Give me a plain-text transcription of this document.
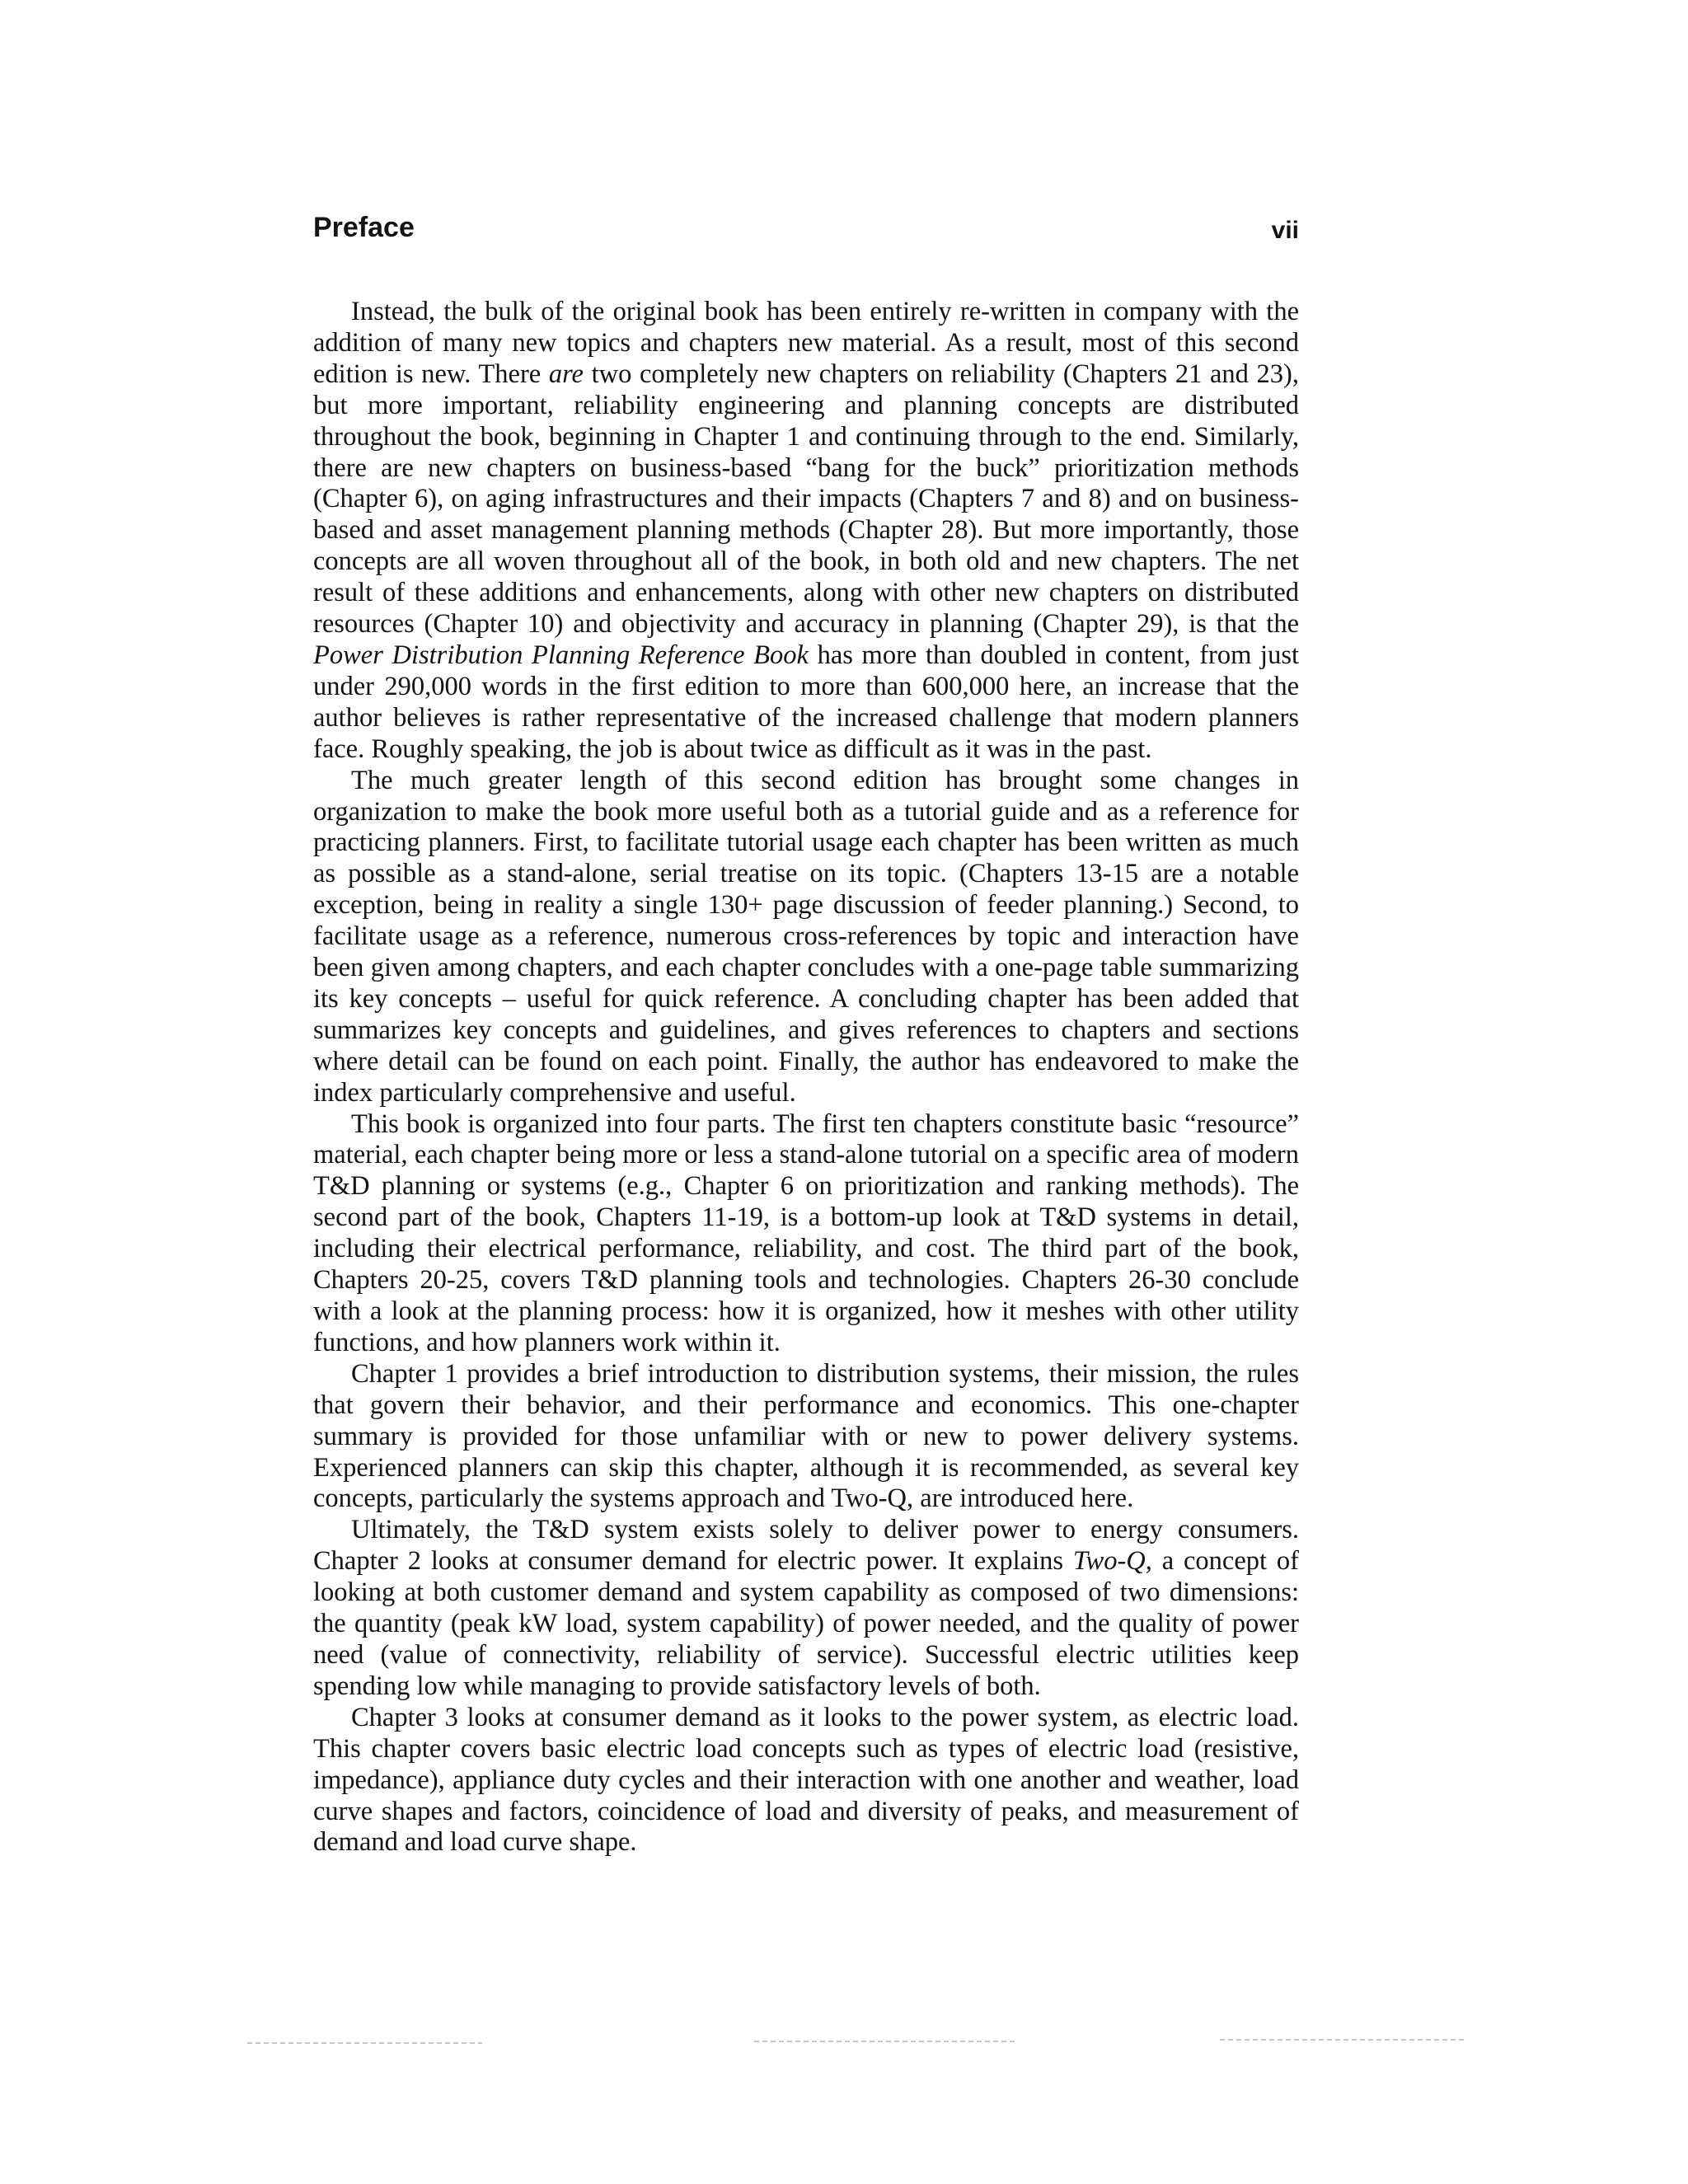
Preface	vii

Instead, the bulk of the original book has been entirely re-written in company with the addition of many new topics and chapters new material. As a result, most of this second edition is new. There are two completely new chapters on reliability (Chapters 21 and 23), but more important, reliability engineering and planning concepts are distributed throughout the book, beginning in Chapter 1 and continuing through to the end. Similarly, there are new chapters on business-based “bang for the buck” prioritization methods (Chapter 6), on aging infrastructures and their impacts (Chapters 7 and 8) and on business-based and asset management planning methods (Chapter 28). But more importantly, those concepts are all woven throughout all of the book, in both old and new chapters. The net result of these additions and enhancements, along with other new chapters on distributed resources (Chapter 10) and objectivity and accuracy in planning (Chapter 29), is that the Power Distribution Planning Reference Book has more than doubled in content, from just under 290,000 words in the first edition to more than 600,000 here, an increase that the author believes is rather representative of the increased challenge that modern planners face. Roughly speaking, the job is about twice as difficult as it was in the past.

The much greater length of this second edition has brought some changes in organization to make the book more useful both as a tutorial guide and as a reference for practicing planners. First, to facilitate tutorial usage each chapter has been written as much as possible as a stand-alone, serial treatise on its topic. (Chapters 13-15 are a notable exception, being in reality a single 130+ page discussion of feeder planning.) Second, to facilitate usage as a reference, numerous cross-references by topic and interaction have been given among chapters, and each chapter concludes with a one-page table summarizing its key concepts – useful for quick reference. A concluding chapter has been added that summarizes key concepts and guidelines, and gives references to chapters and sections where detail can be found on each point. Finally, the author has endeavored to make the index particularly comprehensive and useful.

This book is organized into four parts. The first ten chapters constitute basic “resource” material, each chapter being more or less a stand-alone tutorial on a specific area of modern T&D planning or systems (e.g., Chapter 6 on prioritization and ranking methods). The second part of the book, Chapters 11-19, is a bottom-up look at T&D systems in detail, including their electrical performance, reliability, and cost. The third part of the book, Chapters 20-25, covers T&D planning tools and technologies. Chapters 26-30 conclude with a look at the planning process: how it is organized, how it meshes with other utility functions, and how planners work within it.

Chapter 1 provides a brief introduction to distribution systems, their mission, the rules that govern their behavior, and their performance and economics. This one-chapter summary is provided for those unfamiliar with or new to power delivery systems. Experienced planners can skip this chapter, although it is recommended, as several key concepts, particularly the systems approach and Two-Q, are introduced here.

Ultimately, the T&D system exists solely to deliver power to energy consumers. Chapter 2 looks at consumer demand for electric power. It explains Two-Q, a concept of looking at both customer demand and system capability as composed of two dimensions: the quantity (peak kW load, system capability) of power needed, and the quality of power need (value of connectivity, reliability of service). Successful electric utilities keep spending low while managing to provide satisfactory levels of both.

Chapter 3 looks at consumer demand as it looks to the power system, as electric load. This chapter covers basic electric load concepts such as types of electric load (resistive, impedance), appliance duty cycles and their interaction with one another and weather, load curve shapes and factors, coincidence of load and diversity of peaks, and measurement of demand and load curve shape.
